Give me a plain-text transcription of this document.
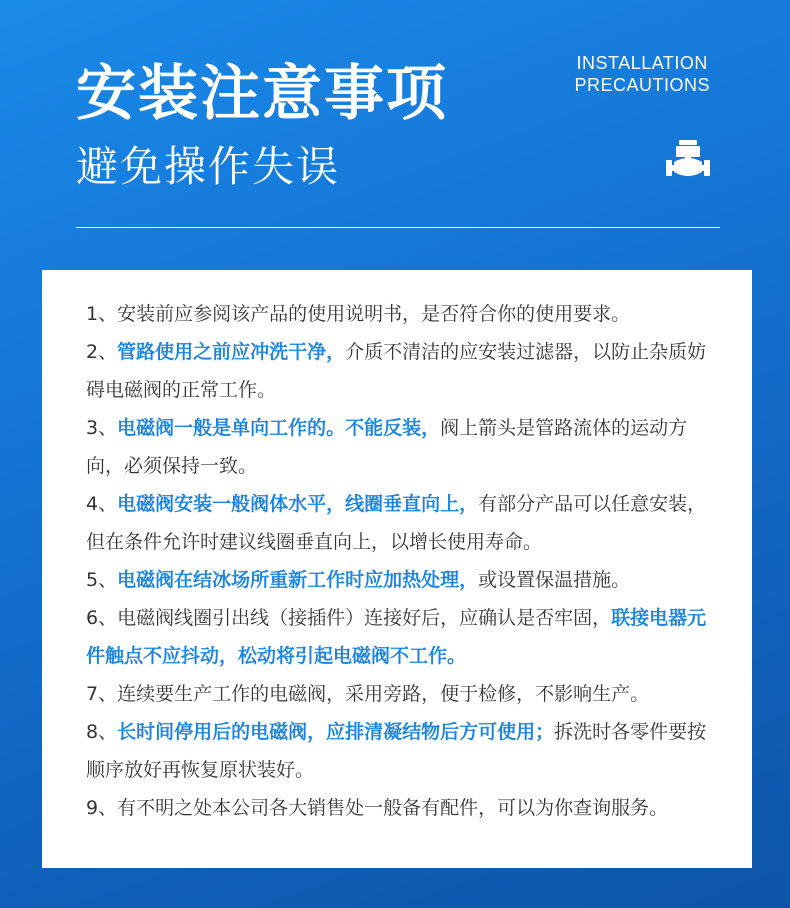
安装注意事项
避免操作失误
INSTALLATION
PRECAUTIONS

1、安装前应参阅该产品的使用说明书，是否符合你的使用要求。

2、管路使用之前应冲洗干净，介质不清洁的应安装过滤器，以防止杂质妨碍电磁阀的正常工作。

3、电磁阀一般是单向工作的。不能反装，阀上箭头是管路流体的运动方向，必须保持一致。

4、电磁阀安装一般阀体水平，线圈垂直向上，有部分产品可以任意安装，但在条件允许时建议线圈垂直向上，以增长使用寿命。

5、电磁阀在结冰场所重新工作时应加热处理，或设置保温措施。

6、电磁阀线圈引出线（接插件）连接好后，应确认是否牢固，联接电器元件触点不应抖动，松动将引起电磁阀不工作。

7、连续要生产工作的电磁阀，采用旁路，便于检修，不影响生产。

8、长时间停用后的电磁阀，应排清凝结物后方可使用；拆洗时各零件要按顺序放好再恢复原状装好。

9、有不明之处本公司各大销售处一般备有配件，可以为你查询服务。
